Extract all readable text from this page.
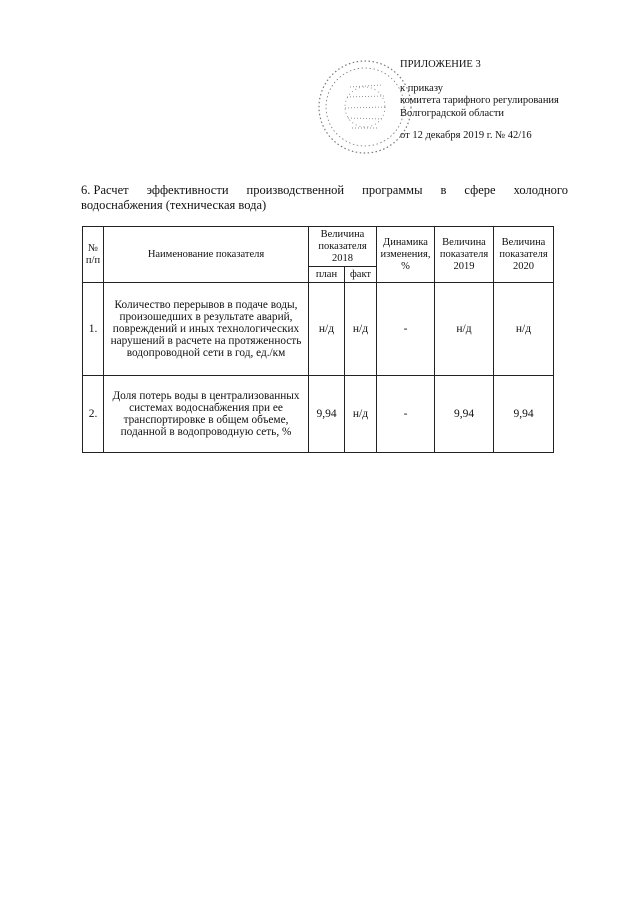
ПРИЛОЖЕНИЕ 3
к приказу
комитета тарифного регулирования
Волгоградской области
от 12 декабря 2019 г. № 42/16
6. Расчет эффективности производственной программы в сфере холодного
водоснабжения (техническая вода)
№ п/п	Наименование показателя	Величина показателя 2018		Динамика изменения, %	Величина показателя 2019	Величина показателя 2020
		план	факт			
1.	Количество перерывов в подаче воды, произошедших в результате аварий, повреждений и иных технологических нарушений в расчете на протяженность водопроводной сети в год, ед./км	н/д	н/д	-	н/д	н/д
2.	Доля потерь воды в централизованных системах водоснабжения при ее транспортировке в общем объеме, поданной в водопроводную сеть, %	9,94	н/д	-	9,94	9,94
